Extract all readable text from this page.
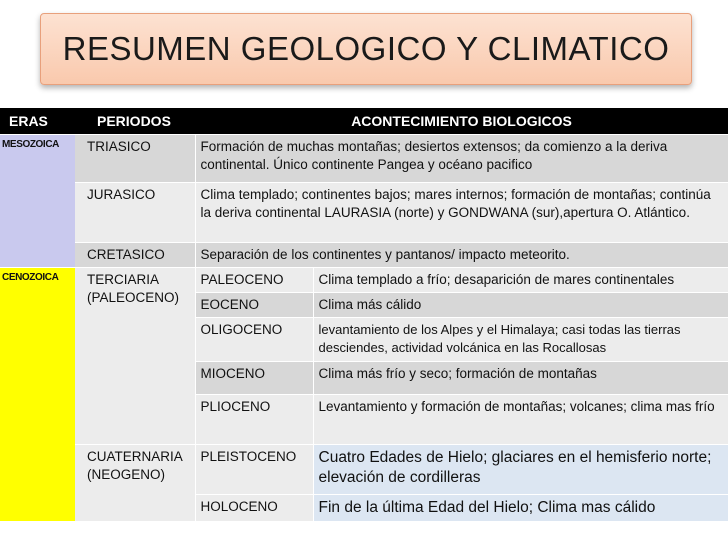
RESUMEN GEOLOGICO Y CLIMATICO
ERAS	PERIODOS	ACONTECIMIENTO BIOLOGICOS	
MESOZOICA	TRIASICO	Formación de muchas montañas; desiertos extensos; da comienzo a la deriva continental. Único continente Pangea y océano pacifico	
	JURASICO	Clima templado; continentes bajos; mares internos; formación de montañas; continúa la deriva continental LAURASIA (norte) y GONDWANA (sur),apertura O. Atlántico.	
	CRETASICO	Separación de los continentes y pantanos/ impacto meteorito.	
CENOZOICA	TERCIARIA (PALEOCENO)	PALEOCENO	Clima templado a frío; desaparición de mares continentales
		EOCENO	Clima más cálido
		OLIGOCENO	levantamiento de los Alpes y el Himalaya; casi todas las tierras desciendes, actividad volcánica en las Rocallosas
		MIOCENO	Clima más frío y seco; formación de montañas
		PLIOCENO	Levantamiento y formación de montañas; volcanes; clima mas frío
	CUATERNARIA (NEOGENO)	PLEISTOCENO	Cuatro Edades de Hielo; glaciares en el hemisferio norte; elevación de cordilleras
		HOLOCENO	Fin de la última Edad del Hielo; Clima mas cálido
